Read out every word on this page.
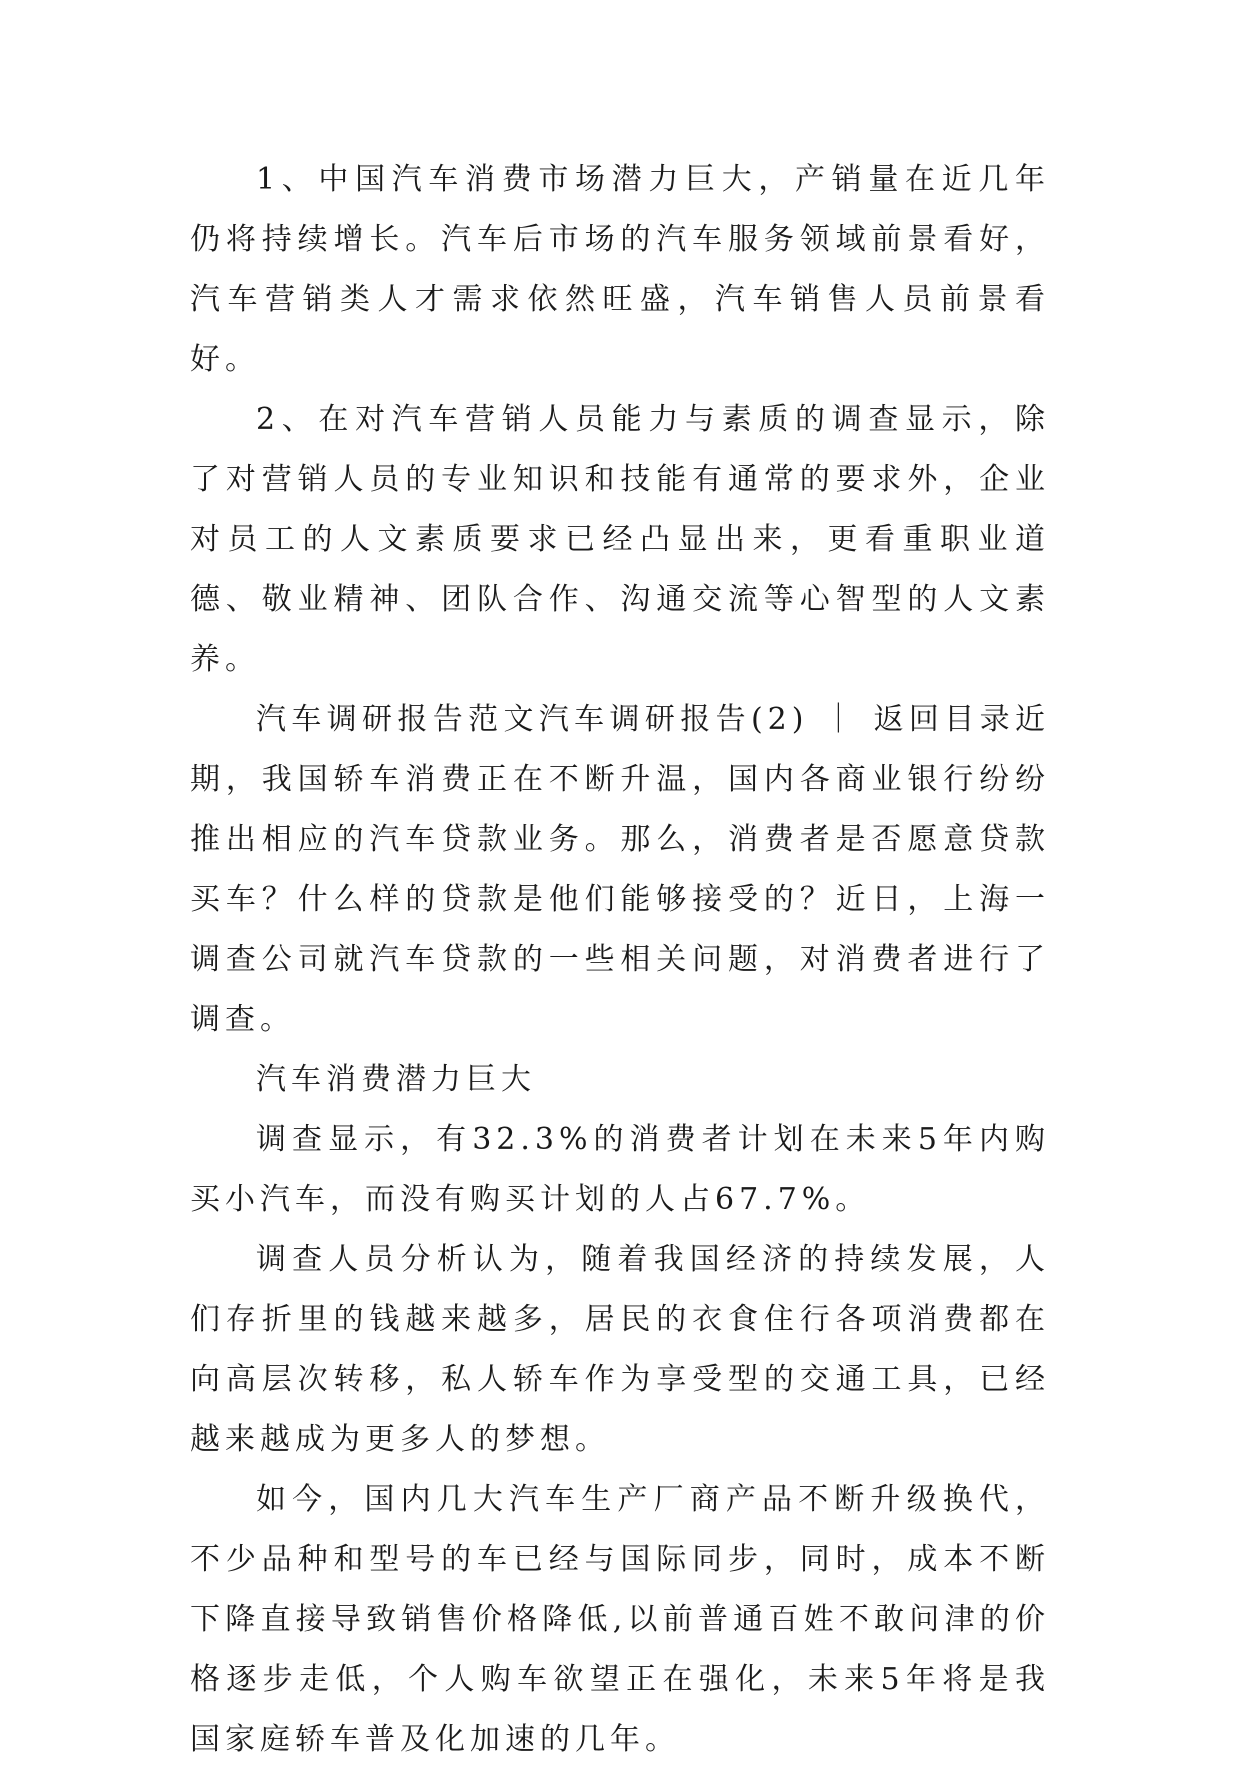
1、中国汽车消费市场潜力巨大，产销量在近几年仍将持续增长。汽车后市场的汽车服务领域前景看好，汽车营销类人才需求依然旺盛，汽车销售人员前景看好。

2、在对汽车营销人员能力与素质的调查显示，除了对营销人员的专业知识和技能有通常的要求外，企业对员工的人文素质要求已经凸显出来，更看重职业道德、敬业精神、团队合作、沟通交流等心智型的人文素养。

汽车调研报告范文汽车调研报告(2) ｜ 返回目录近期，我国轿车消费正在不断升温，国内各商业银行纷纷推出相应的汽车贷款业务。那么，消费者是否愿意贷款买车？什么样的贷款是他们能够接受的？近日，上海一调查公司就汽车贷款的一些相关问题，对消费者进行了调查。

汽车消费潜力巨大

调查显示，有32.3%的消费者计划在未来5年内购买小汽车，而没有购买计划的人占67.7%。

调查人员分析认为，随着我国经济的持续发展，人们存折里的钱越来越多，居民的衣食住行各项消费都在向高层次转移，私人轿车作为享受型的交通工具，已经越来越成为更多人的梦想。

如今，国内几大汽车生产厂商产品不断升级换代，不少品种和型号的车已经与国际同步，同时，成本不断下降直接导致销售价格降低,以前普通百姓不敢问津的价格逐步走低，个人购车欲望正在强化，未来5年将是我国家庭轿车普及化加速的几年。
